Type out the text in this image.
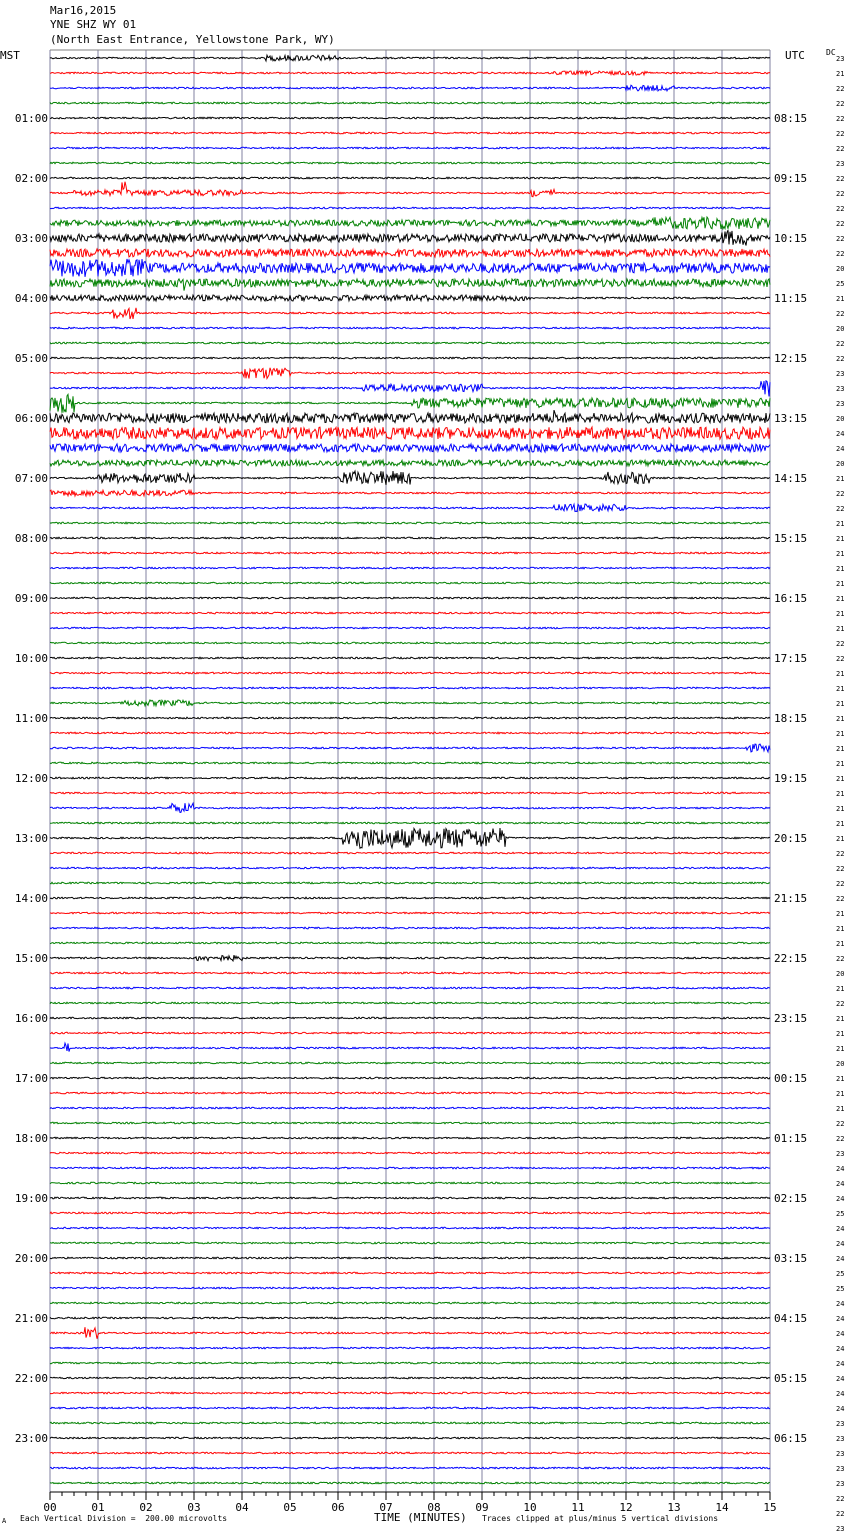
Mar16,2015
YNE SHZ WY 01
(North East Entrance, Yellowstone Park, WY)
MST	UTC	DC
00	01	02	03	04	05	06	07	08	09	10	11	12	13	14	15
01:00
02:00
03:00
04:00
05:00
06:00
07:00
08:00
09:00
10:00
11:00
12:00
13:00
14:00
15:00
16:00
17:00
18:00
19:00
20:00
21:00
22:00
23:00
08:15
09:15
10:15
11:15
12:15
13:15
14:15
15:15
16:15
17:15
18:15
19:15
20:15
21:15
22:15
23:15
00:15
01:15
02:15
03:15
04:15
05:15
06:15
23
21
22
22
22
22
22
23
22
22
22
22
22
22
20
25
21
22
20
22
22
23
23
23
20
24
24
20
21
22
22
21
21
21
21
21
21
21
21
22
22
21
21
21
21
21
21
21
21
21
21
21
21
22
22
22
22
21
21
21
22
20
21
22
21
21
21
20
21
21
21
22
22
23
24
24
24
25
24
24
24
25
25
24
24
24
24
24
24
24
24
23
23
23
23
23
22
22
23
A Each Vertical Division =  200.00 microvolts	TIME (MINUTES) Traces clipped at plus/minus 5 vertical divisions
